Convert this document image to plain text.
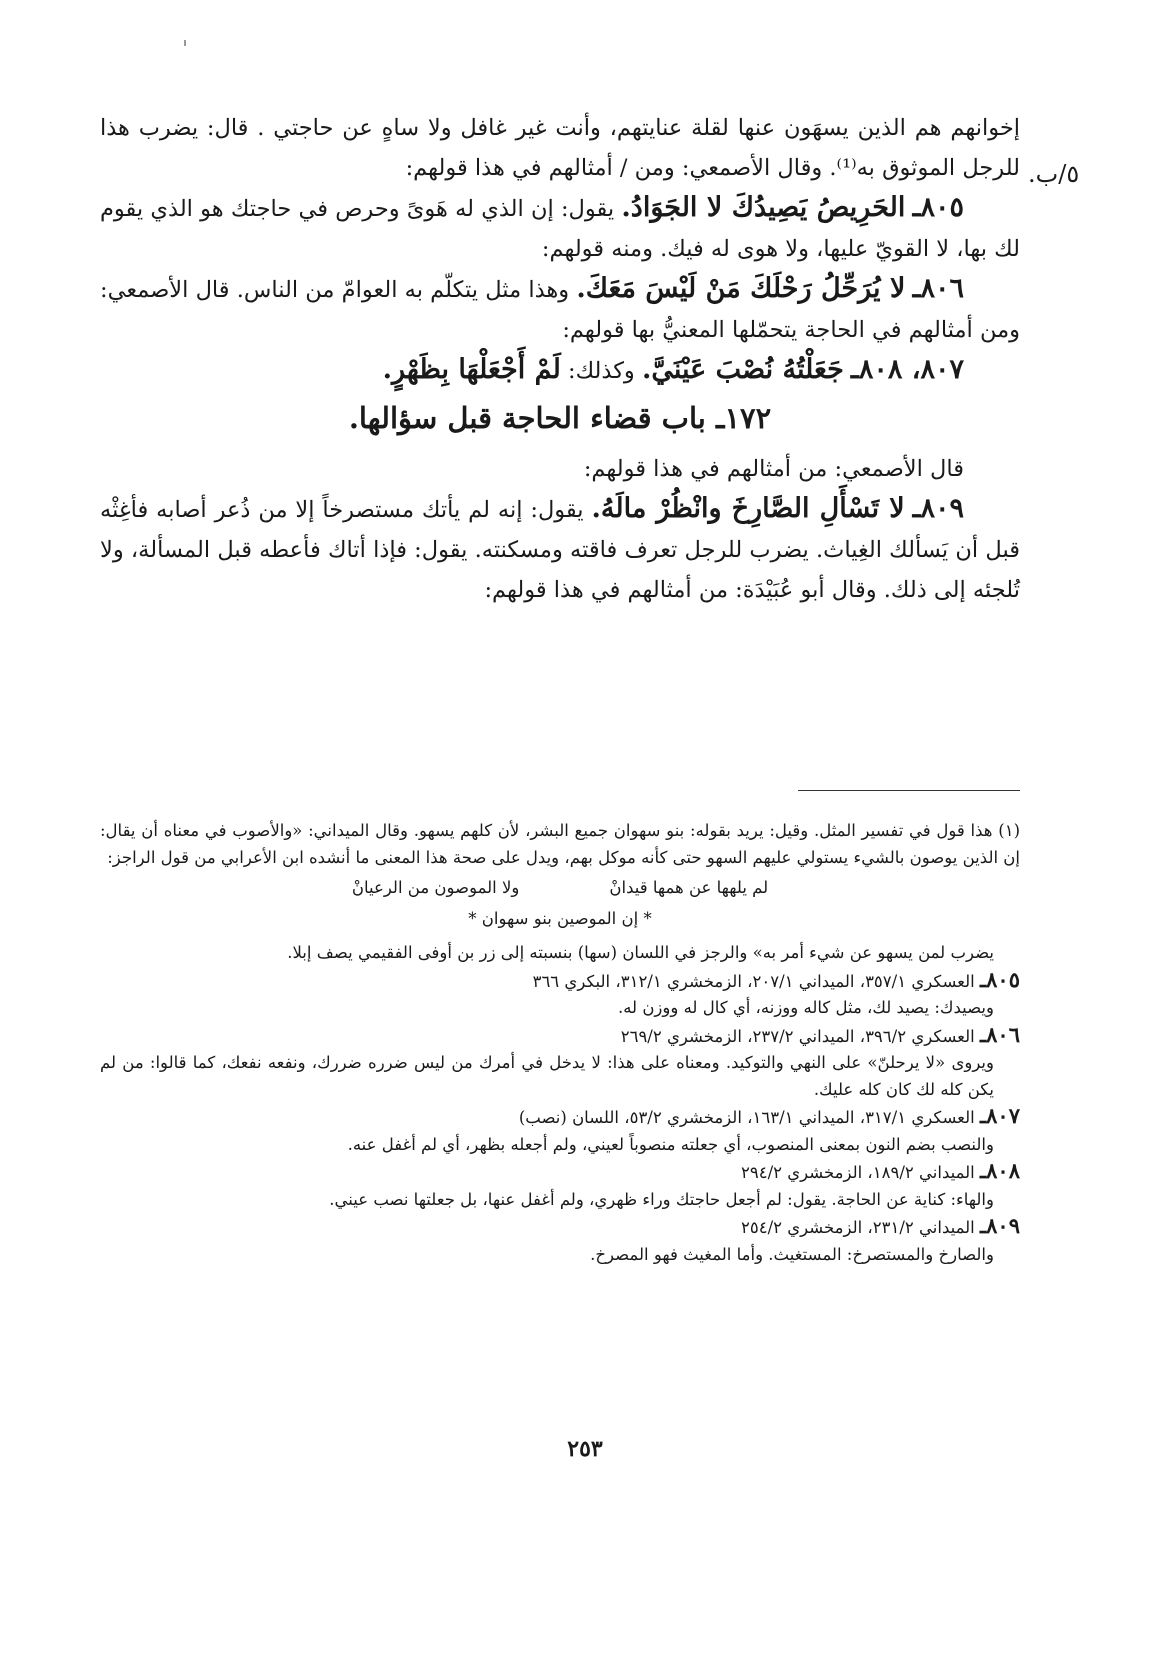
٥/ب.

إخوانهم هم الذين يسهَون عنها لقلة عنايتهم، وأنت غير غافل ولا ساهٍ عن حاجتي . قال: يضرب هذا للرجل الموثوق به⁽¹⁾. وقال الأصمعي: ومن / أمثالهم في هذا قولهم:

٨٠٥ـ الحَرِيصُ يَصِيدُكَ لا الجَوَادُ. يقول: إن الذي له هَوىً وحرص في حاجتك هو الذي يقوم لك بها، لا القويّ عليها، ولا هوى له فيك. ومنه قولهم:

٨٠٦ـ لا يُرَحِّلُ رَحْلَكَ مَنْ لَيْسَ مَعَكَ. وهذا مثل يتكلّم به العوامّ من الناس. قال الأصمعي: ومن أمثالهم في الحاجة يتحمّلها المعنيُّ بها قولهم:

٨٠٧، ٨٠٨ـ جَعَلْتُهُ نُصْبَ عَيْنَيَّ. وكذلك: لَمْ أَجْعَلْهَا بِظَهْرٍ.

١٧٢ـ باب قضاء الحاجة قبل سؤالها.

قال الأصمعي: من أمثالهم في هذا قولهم:

٨٠٩ـ لا تَسْأَلِ الصَّارِخَ وانْظُرْ مالَهُ. يقول: إنه لم يأتك مستصرخاً إلا من ذُعر أصابه فأغِثْه قبل أن يَسألك الغِياث. يضرب للرجل تعرف فاقته ومسكنته. يقول: فإذا أتاك فأعطه قبل المسألة، ولا تُلجئه إلى ذلك. وقال أبو عُبَيْدَة: من أمثالهم في هذا قولهم:

(١) هذا قول في تفسير المثل. وقيل: يريد بقوله: بنو سهوان جميع البشر، لأن كلهم يسهو. وقال الميداني: «والأصوب في معناه أن يقال: إن الذين يوصون بالشيء يستولي عليهم السهو حتى كأنه موكل بهم، ويدل على صحة هذا المعنى ما أنشده ابن الأعرابي من قول الراجز:

لم يلهها عن همها قيدانْ
ولا الموصون من الرعيانْ

* إن الموصين بنو سهوان *

يضرب لمن يسهو عن شيء أمر به» والرجز في اللسان (سها) بنسبته إلى زر بن أوفى الفقيمي يصف إبلا.

٨٠٥ـ العسكري ٣٥٧/١، الميداني ٢٠٧/١، الزمخشري ٣١٢/١، البكري ٣٦٦

ويصيدك: يصيد لك، مثل كاله ووزنه، أي كال له ووزن له.

٨٠٦ـ العسكري ٣٩٦/٢، الميداني ٢٣٧/٢، الزمخشري ٢٦٩/٢

ويروى «لا يرحلنّ» على النهي والتوكيد. ومعناه على هذا: لا يدخل في أمرك من ليس ضرره ضررك، ونفعه نفعك، كما قالوا: من لم يكن كله لك كان كله عليك.

٨٠٧ـ العسكري ٣١٧/١، الميداني ١٦٣/١، الزمخشري ٥٣/٢، اللسان (نصب)

والنصب بضم النون بمعنى المنصوب، أي جعلته منصوباً لعيني، ولم أجعله بظهر، أي لم أغفل عنه.

٨٠٨ـ الميداني ١٨٩/٢، الزمخشري ٢٩٤/٢

والهاء: كناية عن الحاجة. يقول: لم أجعل حاجتك وراء ظهري، ولم أغفل عنها، بل جعلتها نصب عيني.

٨٠٩ـ الميداني ٢٣١/٢، الزمخشري ٢٥٤/٢

والصارخ والمستصرخ: المستغيث. وأما المغيث فهو المصرخ.

٢٥٣
